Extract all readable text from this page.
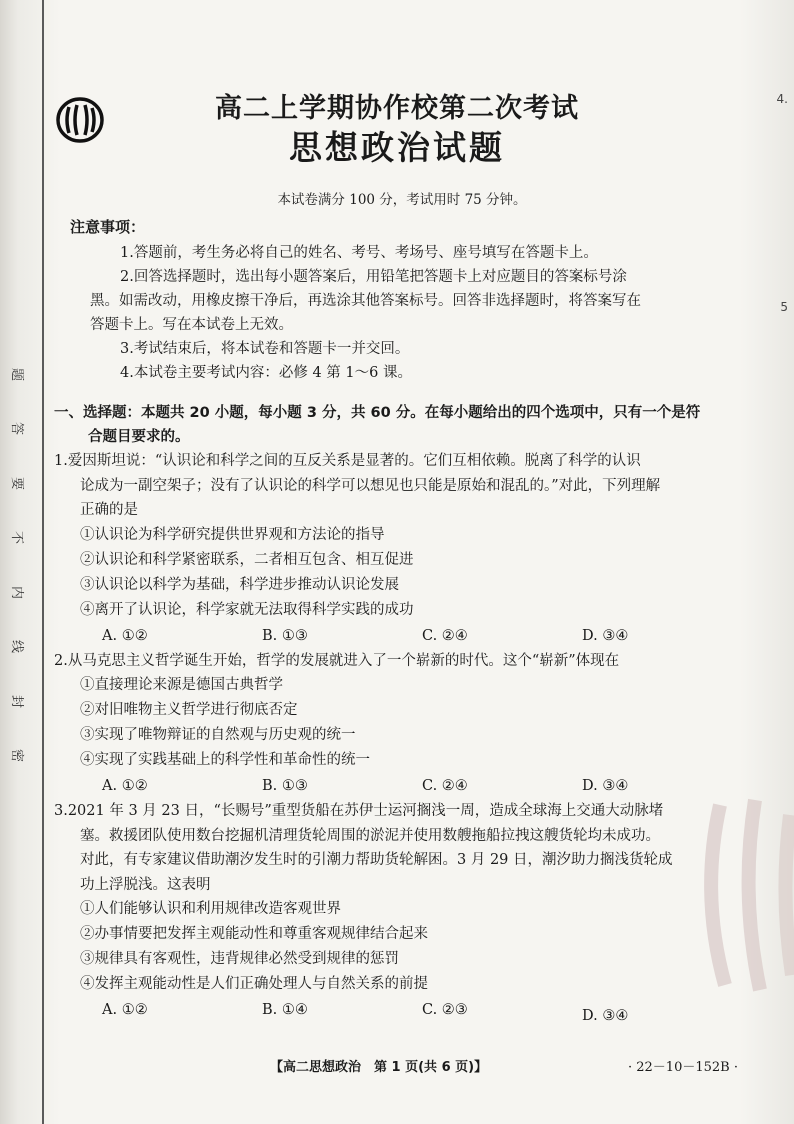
题
答
要
不
内
线
封
密
4.
5
高二上学期协作校第二次考试
思想政治试题
本试卷满分 100 分，考试用时 75 分钟。
注意事项：
1.答题前，考生务必将自己的姓名、考号、考场号、座号填写在答题卡上。
2.回答选择题时，选出每小题答案后，用铅笔把答题卡上对应题目的答案标号涂
黑。如需改动，用橡皮擦干净后，再选涂其他答案标号。回答非选择题时，将答案写在
答题卡上。写在本试卷上无效。
3.考试结束后，将本试卷和答题卡一并交回。
4.本试卷主要考试内容：必修 4 第 1～6 课。
一、选择题：本题共 20 小题，每小题 3 分，共 60 分。在每小题给出的四个选项中，只有一个是符
合题目要求的。
1.爱因斯坦说：“认识论和科学之间的互反关系是显著的。它们互相依赖。脱离了科学的认识
论成为一副空架子；没有了认识论的科学可以想见也只能是原始和混乱的。”对此，下列理解
正确的是
①认识论为科学研究提供世界观和方法论的指导
②认识论和科学紧密联系，二者相互包含、相互促进
③认识论以科学为基础，科学进步推动认识论发展
④离开了认识论，科学家就无法取得科学实践的成功
A. ①②	B. ①③	C. ②④	D. ③④
2.从马克思主义哲学诞生开始，哲学的发展就进入了一个崭新的时代。这个“崭新”体现在
①直接理论来源是德国古典哲学
②对旧唯物主义哲学进行彻底否定
③实现了唯物辩证的自然观与历史观的统一
④实现了实践基础上的科学性和革命性的统一
A. ①②	B. ①③	C. ②④	D. ③④
3.2021 年 3 月 23 日，“长赐号”重型货船在苏伊士运河搁浅一周，造成全球海上交通大动脉堵
塞。救援团队使用数台挖掘机清理货轮周围的淤泥并使用数艘拖船拉拽这艘货轮均未成功。
对此，有专家建议借助潮汐发生时的引潮力帮助货轮解困。3 月 29 日，潮汐助力搁浅货轮成
功上浮脱浅。这表明
①人们能够认识和利用规律改造客观世界
②办事情要把发挥主观能动性和尊重客观规律结合起来
③规律具有客观性，违背规律必然受到规律的惩罚
④发挥主观能动性是人们正确处理人与自然关系的前提
A. ①②	B. ①④	C. ②③	D. ③④
【高二思想政治　第 1 页(共 6 页)】	· 22－10－152B ·
